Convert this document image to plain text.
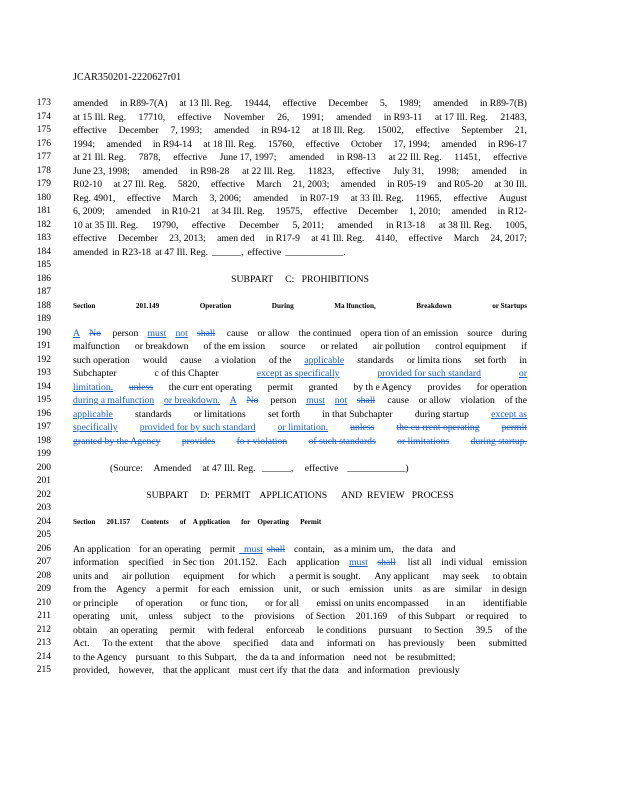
JCAR350201-2220627r01
173 amended in R89-7(A) at 13 Ill. Reg. 19444, effective December 5, 1989; amended in R89-7(B)
174 at 15 Ill. Reg. 17710, effective November 26, 1991; amended in R93-11 at 17 Ill. Reg. 21483,
175 effective December 7, 1993; amended in R94-12 at 18 Ill. Reg. 15002, effective September 21,
176 1994; amended in R94-14 at 18 Ill. Reg. 15760, effective October 17, 1994; amended in R96-17
177 at 21 Ill. Reg. 7878, effective June 17, 1997; amended in R98-13 at 22 Ill. Reg. 11451, effective
178 June 23, 1998; amended in R98-28 at 22 Ill. Reg. 11823, effective July 31, 1998; amended in
179 R02-10 at 27 Ill. Reg. 5820, effective March 21, 2003; amended in R05-19 and R05-20 at 30 Ill.
180 Reg. 4901, effective March 3, 2006; amended in R07-19 at 33 Ill. Reg. 11965, effective August
181 6, 2009; amended in R10-21 at 34 Ill. Reg. 19575, effective December 1, 2010; amended in R12-
182 10 at 35 Ill. Reg. 19790, effective December 5, 2011; amended in R13-18 at 38 Ill. Reg. 1005,
183 effective December 23, 2013; amen ded in R17-9 at 41 Ill. Reg. 4140, effective March 24, 2017;
184 amended in R23-18 at 47 Ill. Reg. ______, effective ____________.
185
186	SUBPART     C:   PROHIBITIONS
187
188	Section	201.149	Operation	During	Ma lfunction,	Breakdown	or Startups
189
190 A No person must not shall cause or allow the continued opera tion of an emission source during
191 malfunction or breakdown of the em ission source or related air pollution control equipment if
192 such operation would cause a violation of the applicable standards or limita tions set forth in
193 Subchapter	c of this Chapter	except as specifically	provided for such standard	or
194 limitation. unless the curr ent operating permit granted by th e Agency provides for operation
195 during a malfunction or breakdown. A No person must not shall cause or allow violation of the
196 applicable standards or limitations set forth in that Subchapter during startup except as
197 specifically provided for by such standard or limitation. unless the cu rrent operating permit
198 granted by the Agency provides fo r violation of such standards or limitations during startup.
199
200	(Source: Amended at 47 Ill. Reg. ______, effective ____________)
201
202	SUBPART     D:  PERMIT    APPLICATIONS      AND  REVIEW   PROCESS
203
204	Section 201.157 Contents of    A pplication for    Operating Permit
205
206 An application for an operating permit must shall contain, as a minim um, the data and
207 information specified in Sec tion 201.152. Each application must shall list all indi vidual emission
208 units and air pollution equipment for which a permit is sought. Any applicant may seek to obtain
209 from the Agency a permit for each emission unit, or such emission units as are similar in design
210 or principle of operation or func tion, or for all emissi on units encompassed in an identifiable
211 operating unit, unless subject to the provisions of Section 201.169 of this Subpart or required to
212 obtain an operating permit with federal enforceab le conditions pursuant to Section 39.5 of the
213 Act. To the extent that the above specified data and informati on has previously been submitted
214 to the Agency pursuant to this Subpart, the da ta and information need not be resubmitted;
215 provided, however, that the applicant must cert ify that the data and information previously
